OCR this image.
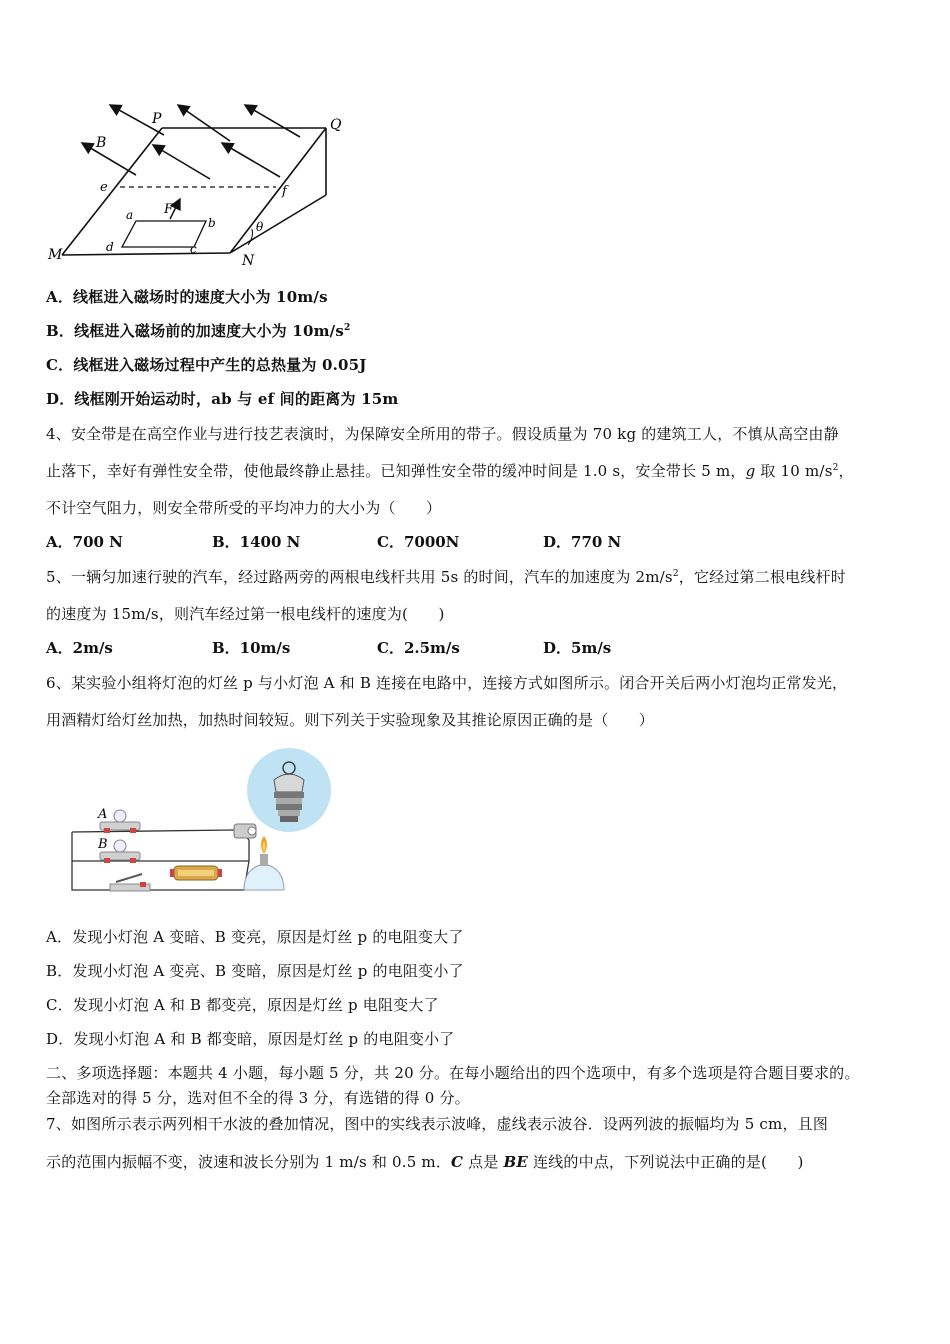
B
P	Q
e	f
F
a
b
c
d
M	N
θ
A．线框进入磁场时的速度大小为 10m/s
B．线框进入磁场前的加速度大小为 $10m/s^2$
C．线框进入磁场过程中产生的总热量为 0.05J
D．线框刚开始运动时，ab 与 ef 间的距离为 15m
4、安全带是在高空作业与进行技艺表演时，为保障安全所用的带子。假设质量为 70 kg 的建筑工人，不慎从高空由静
止落下，幸好有弹性安全带，使他最终静止悬挂。已知弹性安全带的缓冲时间是 1.0 s，安全带长 5 m，g 取 10 $m/s^2$，
不计空气阻力，则安全带所受的平均冲力的大小为（　　）
A．700 N	B．1400 N	C．7000N	D．770 N
5、一辆匀加速行驶的汽车，经过路两旁的两根电线杆共用 5s 的时间，汽车的加速度为 $2m/s^2$，它经过第二根电线杆时
的速度为 15m/s，则汽车经过第一根电线杆的速度为(　　)
A．2m/s	B．10m/s	C．2.5m/s	D．5m/s
6、某实验小组将灯泡的灯丝 p 与小灯泡 A 和 B 连接在电路中，连接方式如图所示。闭合开关后两小灯泡均正常发光，
用酒精灯给灯丝加热，加热时间较短。则下列关于实验现象及其推论原因正确的是（　　）
A
B
A．发现小灯泡 A 变暗、B 变亮，原因是灯丝 p 的电阻变大了
B．发现小灯泡 A 变亮、B 变暗，原因是灯丝 p 的电阻变小了
C．发现小灯泡 A 和 B 都变亮，原因是灯丝 p 电阻变大了
D．发现小灯泡 A 和 B 都变暗，原因是灯丝 p 的电阻变小了
二、多项选择题：本题共 4 小题，每小题 5 分，共 20 分。在每小题给出的四个选项中，有多个选项是符合题目要求的。
全部选对的得 5 分，选对但不全的得 3 分，有选错的得 0 分。
7、如图所示表示两列相干水波的叠加情况，图中的实线表示波峰，虚线表示波谷．设两列波的振幅均为 5 cm，且图
示的范围内振幅不变，波速和波长分别为 1 m/s 和 0.5 m．C 点是 BE 连线的中点，下列说法中正确的是(　　)
